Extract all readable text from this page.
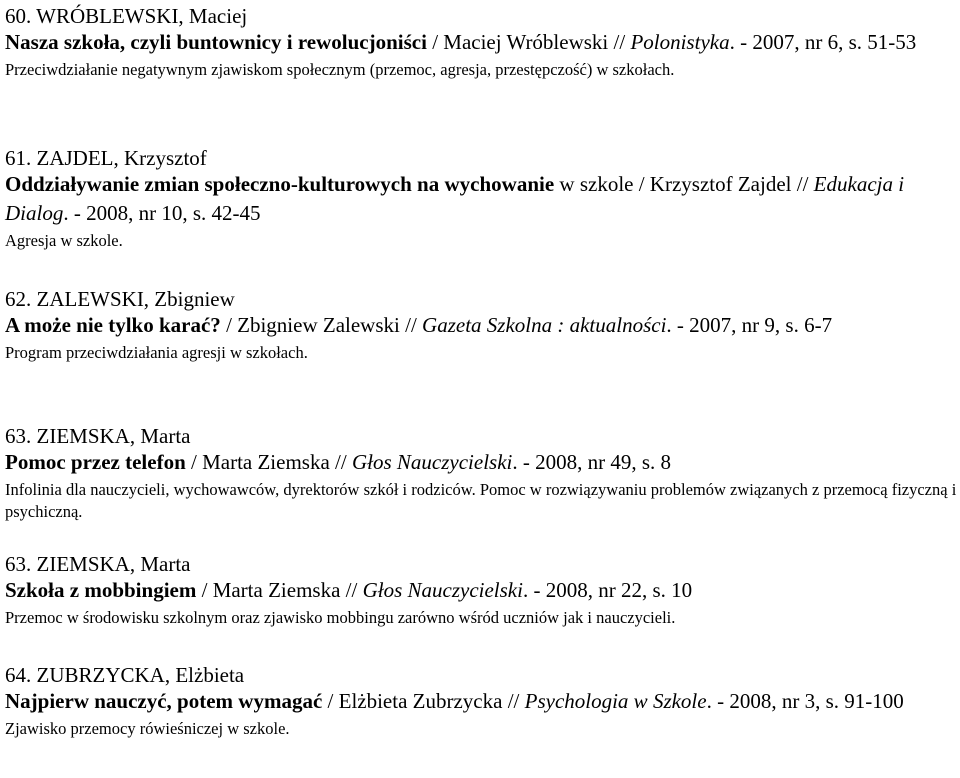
60. WRÓBLEWSKI, Maciej
Nasza szkoła, czyli buntownicy i rewolucjoniści / Maciej Wróblewski // Polonistyka. - 2007, nr 6, s. 51-53
Przeciwdziałanie negatywnym zjawiskom społecznym (przemoc, agresja, przestępczość) w szkołach.
61. ZAJDEL, Krzysztof
Oddziaływanie zmian społeczno-kulturowych na wychowanie w szkole / Krzysztof Zajdel // Edukacja i Dialog. - 2008, nr 10, s. 42-45
Agresja w szkole.
62. ZALEWSKI, Zbigniew
A może nie tylko karać? / Zbigniew Zalewski // Gazeta Szkolna : aktualności. - 2007, nr 9, s. 6-7
Program przeciwdziałania agresji w szkołach.
63. ZIEMSKA, Marta
Pomoc przez telefon / Marta Ziemska // Głos Nauczycielski. - 2008, nr 49, s. 8
Infolinia dla nauczycieli, wychowawców, dyrektorów szkół i rodziców. Pomoc w rozwiązywaniu problemów związanych z przemocą fizyczną i psychiczną.
63. ZIEMSKA, Marta
Szkoła z mobbingiem / Marta Ziemska // Głos Nauczycielski. - 2008, nr 22, s. 10
Przemoc w środowisku szkolnym oraz zjawisko mobbingu zarówno wśród uczniów jak i nauczycieli.
64. ZUBRZYCKA, Elżbieta
Najpierw nauczyć, potem wymagać / Elżbieta Zubrzycka // Psychologia w Szkole. - 2008, nr 3, s. 91-100
Zjawisko przemocy rówieśniczej w szkole.
